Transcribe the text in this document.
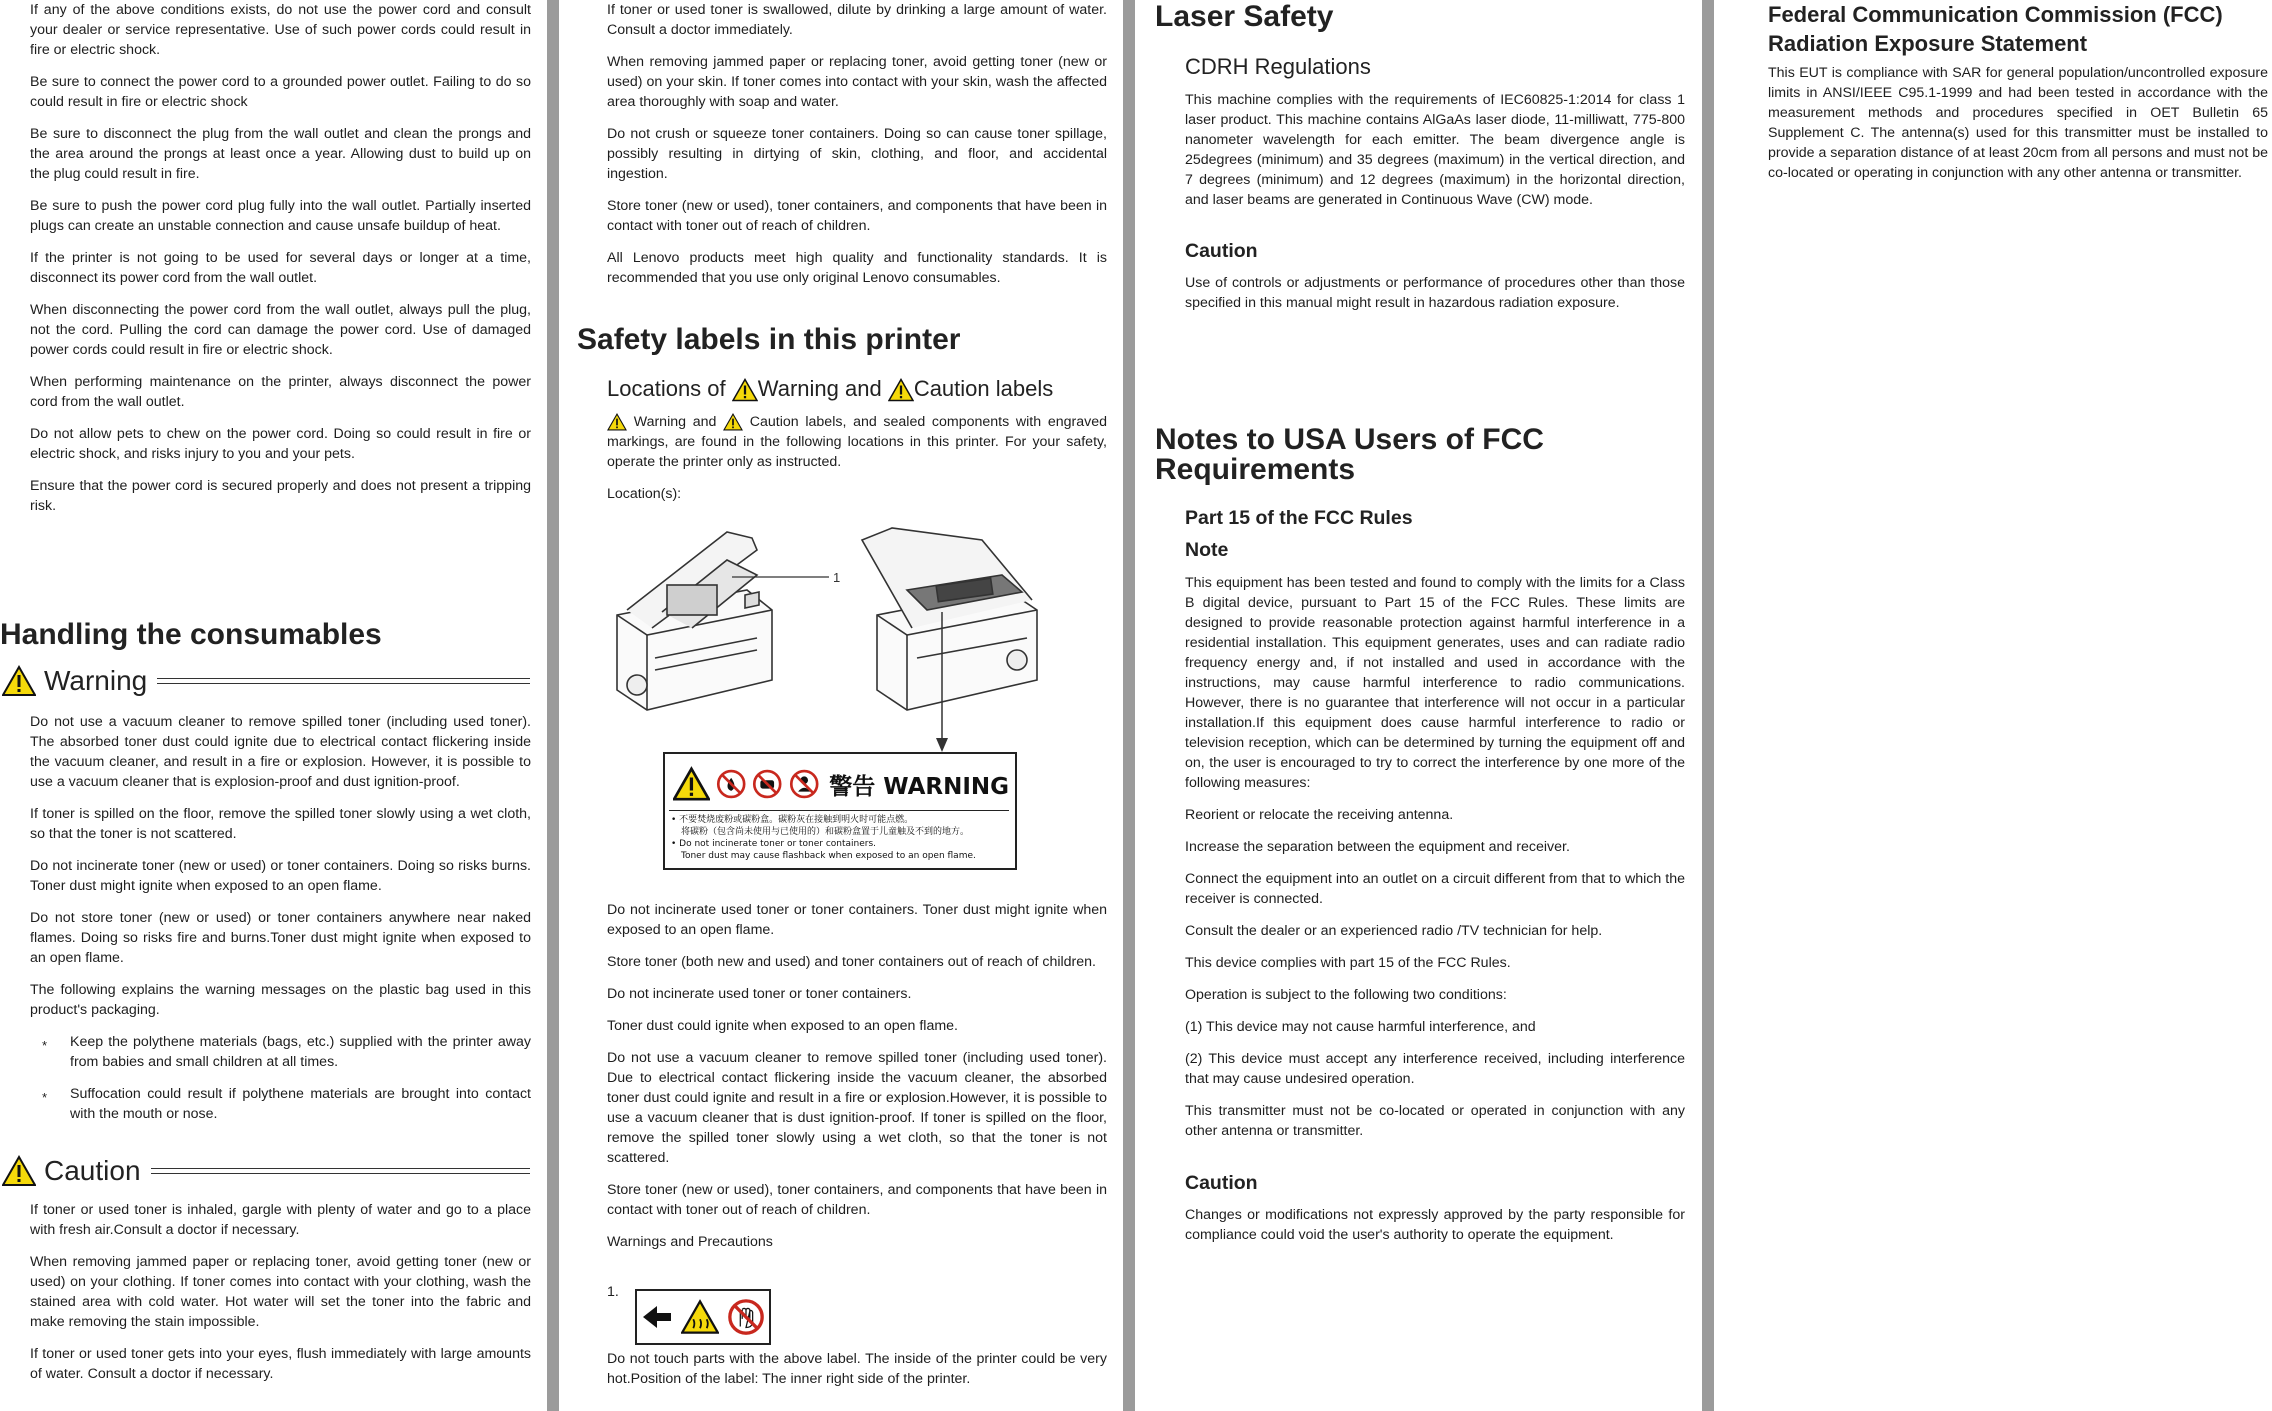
If any of the above conditions exists, do not use the power cord and consult your dealer or service representative. Use of such power cords could result in fire or electric shock.

Be sure to connect the power cord to a grounded power outlet. Failing to do so could result in fire or electric shock

Be sure to disconnect the plug from the wall outlet and clean the prongs and the area around the prongs at least once a year. Allowing dust to build up on the plug could result in fire.

Be sure to push the power cord plug fully into the wall outlet. Partially inserted plugs can create an unstable connection and cause unsafe buildup of heat.

If the printer is not going to be used for several days or longer at a time, disconnect its power cord from the wall outlet.

When disconnecting the power cord from the wall outlet, always pull the plug, not the cord. Pulling the cord can damage the power cord. Use of damaged power cords could result in fire or electric shock.

When performing maintenance on the printer, always disconnect the power cord from the wall outlet.

Do not allow pets to chew on the power cord. Doing so could result in fire or electric shock, and risks injury to you and your pets.

Ensure that the power cord is secured properly and does not present a tripping risk.

Handling the consumables
Warning

Do not use a vacuum cleaner to remove spilled toner (including used toner). The absorbed toner dust could ignite due to electrical contact flickering inside the vacuum cleaner, and result in a fire or explosion. However, it is possible to use a vacuum cleaner that is explosion-proof and dust ignition-proof.

If toner is spilled on the floor, remove the spilled toner slowly using a wet cloth, so that the toner is not scattered.

Do not incinerate toner (new or used) or toner containers. Doing so risks burns. Toner dust might ignite when exposed to an open flame.

Do not store toner (new or used) or toner containers anywhere near naked flames. Doing so risks fire and burns.Toner dust might ignite when exposed to an open flame.

The following explains the warning messages on the plastic bag used in this product's packaging.

* Keep the polythene materials (bags, etc.) supplied with the printer away from babies and small children at all times.
* Suffocation could result if polythene materials are brought into contact with the mouth or nose.
Caution

If toner or used toner is inhaled, gargle with plenty of water and go to a place with fresh air.Consult a doctor if necessary.

When removing jammed paper or replacing toner, avoid getting toner (new or used) on your clothing. If toner comes into contact with your clothing, wash the stained area with cold water. Hot water will set the toner into the fabric and make removing the stain impossible.

If toner or used toner gets into your eyes, flush immediately with large amounts of water. Consult a doctor if necessary.

If toner or used toner is swallowed, dilute by drinking a large amount of water. Consult a doctor immediately.

When removing jammed paper or replacing toner, avoid getting toner (new or used) on your skin. If toner comes into contact with your skin, wash the affected area thoroughly with soap and water.

Do not crush or squeeze toner containers. Doing so can cause toner spillage, possibly resulting in dirtying of skin, clothing, and floor, and accidental ingestion.

Store toner (new or used), toner containers, and components that have been in contact with toner out of reach of children.

All Lenovo products meet high quality and functionality standards. It is recommended that you use only original Lenovo consumables.

Safety labels in this printer
Locations of Warning and Caution labels

Warning and Caution labels, and sealed components with engraved markings, are found in the following locations in this printer. For your safety, operate the printer only as instructed.

Location(s):

1
警告 WARNING
• 不要焚烧废粉或碳粉盒。碳粉灰在接触到明火时可能点燃。
将碳粉（包含尚未使用与已使用的）和碳粉盒置于儿童触及不到的地方。
• Do not incinerate toner or toner containers.
Toner dust may cause flashback when exposed to an open flame.

Do not incinerate used toner or toner containers. Toner dust might ignite when exposed to an open flame.

Store toner (both new and used) and toner containers out of reach of children.

Do not incinerate used toner or toner containers.

Toner dust could ignite when exposed to an open flame.

Do not use a vacuum cleaner to remove spilled toner (including used toner). Due to electrical contact flickering inside the vacuum cleaner, the absorbed toner dust could ignite and result in a fire or explosion.However, it is possible to use a vacuum cleaner that is dust ignition-proof. If toner is spilled on the floor, remove the spilled toner slowly using a wet cloth, so that the toner is not scattered.

Store toner (new or used), toner containers, and components that have been in contact with toner out of reach of children.

Warnings and Precautions

1.

Do not touch parts with the above label. The inside of the printer could be very hot.Position of the label: The inner right side of the printer.

Laser Safety
CDRH Regulations

This machine complies with the requirements of IEC60825-1:2014 for class 1 laser product. This machine contains AlGaAs laser diode, 11-milliwatt, 775-800 nanometer wavelength for each emitter. The beam divergence angle is 25degrees (minimum) and 35 degrees (maximum) in the vertical direction, and 7 degrees (minimum) and 12 degrees (maximum) in the horizontal direction, and laser beams are generated in Continuous Wave (CW) mode.

Caution

Use of controls or adjustments or performance of procedures other than those specified in this manual might result in hazardous radiation exposure.

Notes to USA Users of FCC
Requirements
Part 15 of the FCC Rules
Note

This equipment has been tested and found to comply with the limits for a Class B digital device, pursuant to Part 15 of the FCC Rules. These limits are designed to provide reasonable protection against harmful interference in a residential installation. This equipment generates, uses and can radiate radio frequency energy and, if not installed and used in accordance with the instructions, may cause harmful interference to radio communications. However, there is no guarantee that interference will not occur in a particular installation.If this equipment does cause harmful interference to radio or television reception, which can be determined by turning the equipment off and on, the user is encouraged to try to correct the interference by one more of the following measures:

Reorient or relocate the receiving antenna.

Increase the separation between the equipment and receiver.

Connect the equipment into an outlet on a circuit different from that to which the receiver is connected.

Consult the dealer or an experienced radio /TV technician for help.

This device complies with part 15 of the FCC Rules.

Operation is subject to the following two conditions:

(1) This device may not cause harmful interference, and

(2) This device must accept any interference received, including interference that may cause undesired operation.

This transmitter must not be co-located or operated in conjunction with any other antenna or transmitter.

Caution

Changes or modifications not expressly approved by the party responsible for compliance could void the user's authority to operate the equipment.

Federal Communication Commission (FCC)
Radiation Exposure Statement

This EUT is compliance with SAR for general population/uncontrolled exposure limits in ANSI/IEEE C95.1-1999 and had been tested in accordance with the measurement methods and procedures specified in OET Bulletin 65 Supplement C. The antenna(s) used for this transmitter must be installed to provide a separation distance of at least 20cm from all persons and must not be co-located or operating in conjunction with any other antenna or transmitter.
